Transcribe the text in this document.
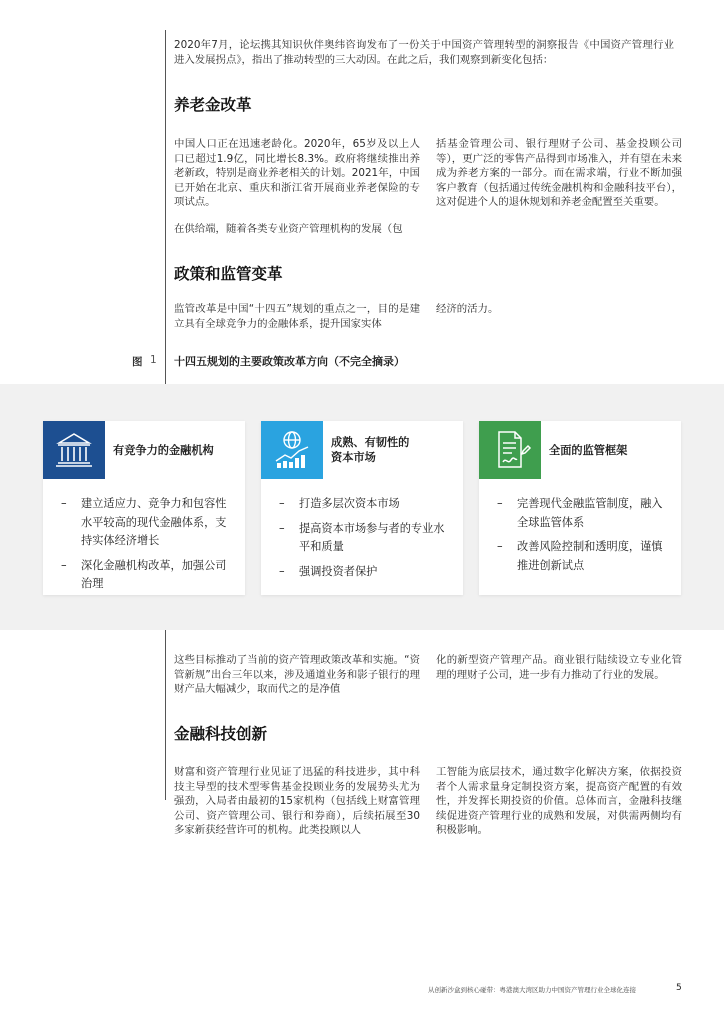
2020年7月，论坛携其知识伙伴奥纬咨询发布了一份关于中国资产管理转型的洞察报告《中国资产管理行业进入发展拐点》，指出了推动转型的三大动因。在此之后，我们观察到新变化包括：

养老金改革

中国人口正在迅速老龄化。2020年，65岁及以上人口已超过1.9亿，同比增长8.3%。政府将继续推出养老新政，特别是商业养老相关的计划。2021年，中国已开始在北京、重庆和浙江省开展商业养老保险的专项试点。

在供给端，随着各类专业资产管理机构的发展（包

括基金管理公司、银行理财子公司、基金投顾公司等），更广泛的零售产品得到市场准入，并有望在未来成为养老方案的一部分。而在需求端，行业不断加强客户教育（包括通过传统金融机构和金融科技平台），这对促进个人的退休规划和养老金配置至关重要。

政策和监管变革

监管改革是中国“十四五”规划的重点之一，目的是建立具有全球竞争力的金融体系，提升国家实体

经济的活力。

图 1 十四五规划的主要政策改革方向（不完全摘录）
有竞争力的金融机构
– 建立适应力、竞争力和包容性水平较高的现代金融体系，支持实体经济增长
– 深化金融机构改革，加强公司治理
成熟、有韧性的
资本市场
– 打造多层次资本市场
– 提高资本市场参与者的专业水平和质量
– 强调投资者保护
全面的监管框架
– 完善现代金融监管制度，融入全球监管体系
– 改善风险控制和透明度，谨慎推进创新试点

这些目标推动了当前的资产管理政策改革和实施。“资管新规”出台三年以来，涉及通道业务和影子银行的理财产品大幅减少，取而代之的是净值

化的新型资产管理产品。商业银行陆续设立专业化管理的理财子公司，进一步有力推动了行业的发展。

金融科技创新

财富和资产管理行业见证了迅猛的科技进步，其中科技主导型的技术型零售基金投顾业务的发展势头尤为强劲，入局者由最初的15家机构（包括线上财富管理公司、资产管理公司、银行和券商），后续拓展至30多家新获经营许可的机构。此类投顾以人

工智能为底层技术，通过数字化解决方案，依据投资者个人需求量身定制投资方案，提高资产配置的有效性，并发挥长期投资的价值。总体而言，金融科技继续促进资产管理行业的成熟和发展，对供需两侧均有积极影响。

从创新沙盒到核心碰带：粤港澳大湾区助力中国资产管理行业全球化连接	5
